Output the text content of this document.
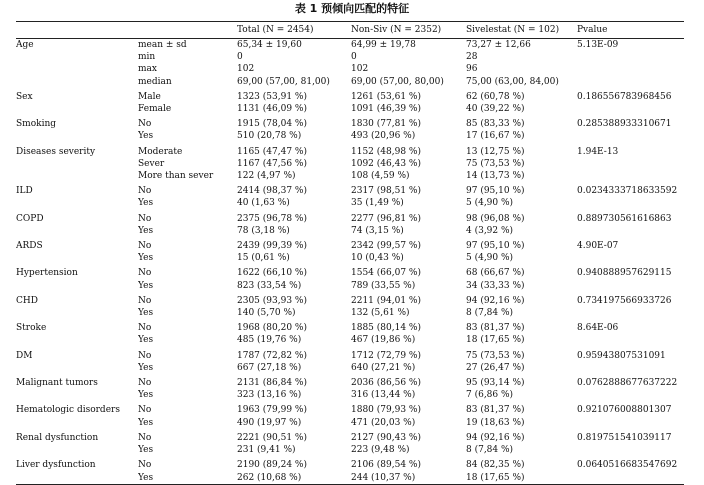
表 1 预倾向匹配的特征
		Total (N = 2454)	Non-Siv (N = 2352)	Sivelestat (N = 102)	Pvalue
Age	mean ± sd	65,34 ± 19,60	64,99 ± 19,78	73,27 ± 12,66	5.13E-09
	min	0	0	28	
	max	102	102	96	
	median	69,00 (57,00, 81,00)	69,00 (57,00, 80,00)	75,00 (63,00, 84,00)	
Sex	Male	1323 (53,91 %)	1261 (53,61 %)	62 (60,78 %)	0.186556783968456
	Female	1131 (46,09 %)	1091 (46,39 %)	40 (39,22 %)	
Smoking	No	1915 (78,04 %)	1830 (77,81 %)	85 (83,33 %)	0.285388933310671
	Yes	510 (20,78 %)	493 (20,96 %)	17 (16,67 %)	
Diseases severity	Moderate	1165 (47,47 %)	1152 (48,98 %)	13 (12,75 %)	1.94E-13
	Sever	1167 (47,56 %)	1092 (46,43 %)	75 (73,53 %)	
	More than sever	122 (4,97 %)	108 (4,59 %)	14 (13,73 %)	
ILD	No	2414 (98,37 %)	2317 (98,51 %)	97 (95,10 %)	0.0234333718633592
	Yes	40 (1,63 %)	35 (1,49 %)	5 (4,90 %)	
COPD	No	2375 (96,78 %)	2277 (96,81 %)	98 (96,08 %)	0.889730561616863
	Yes	78 (3,18 %)	74 (3,15 %)	4 (3,92 %)	
ARDS	No	2439 (99,39 %)	2342 (99,57 %)	97 (95,10 %)	4.90E-07
	Yes	15 (0,61 %)	10 (0,43 %)	5 (4,90 %)	
Hypertension	No	1622 (66,10 %)	1554 (66,07 %)	68 (66,67 %)	0.940888957629115
	Yes	823 (33,54 %)	789 (33,55 %)	34 (33,33 %)	
CHD	No	2305 (93,93 %)	2211 (94,01 %)	94 (92,16 %)	0.734197566933726
	Yes	140 (5,70 %)	132 (5,61 %)	8 (7,84 %)	
Stroke	No	1968 (80,20 %)	1885 (80,14 %)	83 (81,37 %)	8.64E-06
	Yes	485 (19,76 %)	467 (19,86 %)	18 (17,65 %)	
DM	No	1787 (72,82 %)	1712 (72,79 %)	75 (73,53 %)	0.95943807531091
	Yes	667 (27,18 %)	640 (27,21 %)	27 (26,47 %)	
Malignant tumors	No	2131 (86,84 %)	2036 (86,56 %)	95 (93,14 %)	0.0762888677637222
	Yes	323 (13,16 %)	316 (13,44 %)	7 (6,86 %)	
Hematologic disorders	No	1963 (79,99 %)	1880 (79,93 %)	83 (81,37 %)	0.921076008801307
	Yes	490 (19,97 %)	471 (20,03 %)	19 (18,63 %)	
Renal dysfunction	No	2221 (90,51 %)	2127 (90,43 %)	94 (92,16 %)	0.819751541039117
	Yes	231 (9,41 %)	223 (9,48 %)	8 (7,84 %)	
Liver dysfunction	No	2190 (89,24 %)	2106 (89,54 %)	84 (82,35 %)	0.0640516683547692
	Yes	262 (10,68 %)	244 (10,37 %)	18 (17,65 %)	
